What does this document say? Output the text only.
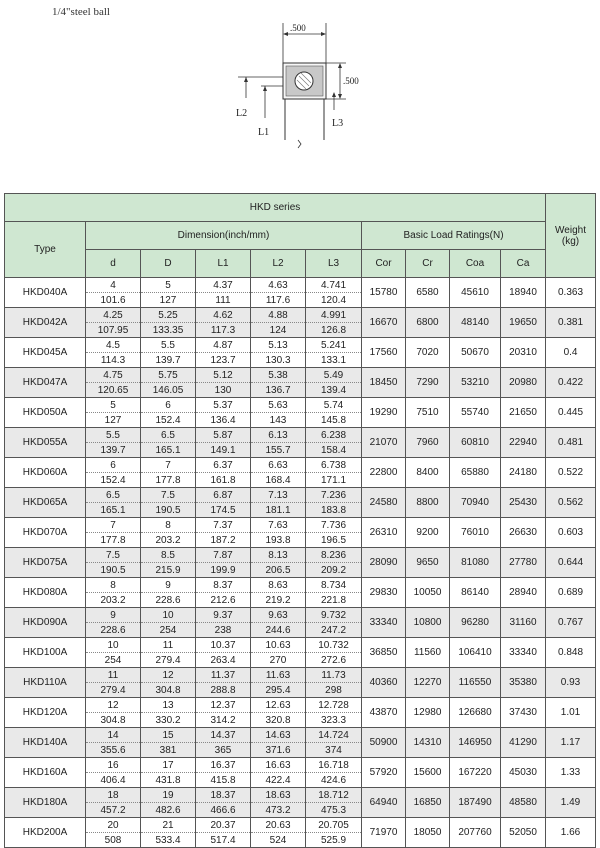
1/4"steel ball
.500
.500
L2
L1
L3
HKD series										Weight (kg)
Type	Dimension(inch/mm)					Basic Load Ratings(N)				
	d	D	L1	L2	L3	Cor	Cr	Coa	Ca	
HKD040A	4	5	4.37	4.63	4.741	15780	6580	45610	18940	0.363
	101.6	127	111	117.6	120.4					
HKD042A	4.25	5.25	4.62	4.88	4.991	16670	6800	48140	19650	0.381
	107.95	133.35	117.3	124	126.8					
HKD045A	4.5	5.5	4.87	5.13	5.241	17560	7020	50670	20310	0.4
	114.3	139.7	123.7	130.3	133.1					
HKD047A	4.75	5.75	5.12	5.38	5.49	18450	7290	53210	20980	0.422
	120.65	146.05	130	136.7	139.4					
HKD050A	5	6	5.37	5.63	5.74	19290	7510	55740	21650	0.445
	127	152.4	136.4	143	145.8					
HKD055A	5.5	6.5	5.87	6.13	6.238	21070	7960	60810	22940	0.481
	139.7	165.1	149.1	155.7	158.4					
HKD060A	6	7	6.37	6.63	6.738	22800	8400	65880	24180	0.522
	152.4	177.8	161.8	168.4	171.1					
HKD065A	6.5	7.5	6.87	7.13	7.236	24580	8800	70940	25430	0.562
	165.1	190.5	174.5	181.1	183.8					
HKD070A	7	8	7.37	7.63	7.736	26310	9200	76010	26630	0.603
	177.8	203.2	187.2	193.8	196.5					
HKD075A	7.5	8.5	7.87	8.13	8.236	28090	9650	81080	27780	0.644
	190.5	215.9	199.9	206.5	209.2					
HKD080A	8	9	8.37	8.63	8.734	29830	10050	86140	28940	0.689
	203.2	228.6	212.6	219.2	221.8					
HKD090A	9	10	9.37	9.63	9.732	33340	10800	96280	31160	0.767
	228.6	254	238	244.6	247.2					
HKD100A	10	11	10.37	10.63	10.732	36850	11560	106410	33340	0.848
	254	279.4	263.4	270	272.6					
HKD110A	11	12	11.37	11.63	11.73	40360	12270	116550	35380	0.93
	279.4	304.8	288.8	295.4	298					
HKD120A	12	13	12.37	12.63	12.728	43870	12980	126680	37430	1.01
	304.8	330.2	314.2	320.8	323.3					
HKD140A	14	15	14.37	14.63	14.724	50900	14310	146950	41290	1.17
	355.6	381	365	371.6	374					
HKD160A	16	17	16.37	16.63	16.718	57920	15600	167220	45030	1.33
	406.4	431.8	415.8	422.4	424.6					
HKD180A	18	19	18.37	18.63	18.712	64940	16850	187490	48580	1.49
	457.2	482.6	466.6	473.2	475.3					
HKD200A	20	21	20.37	20.63	20.705	71970	18050	207760	52050	1.66
	508	533.4	517.4	524	525.9					
